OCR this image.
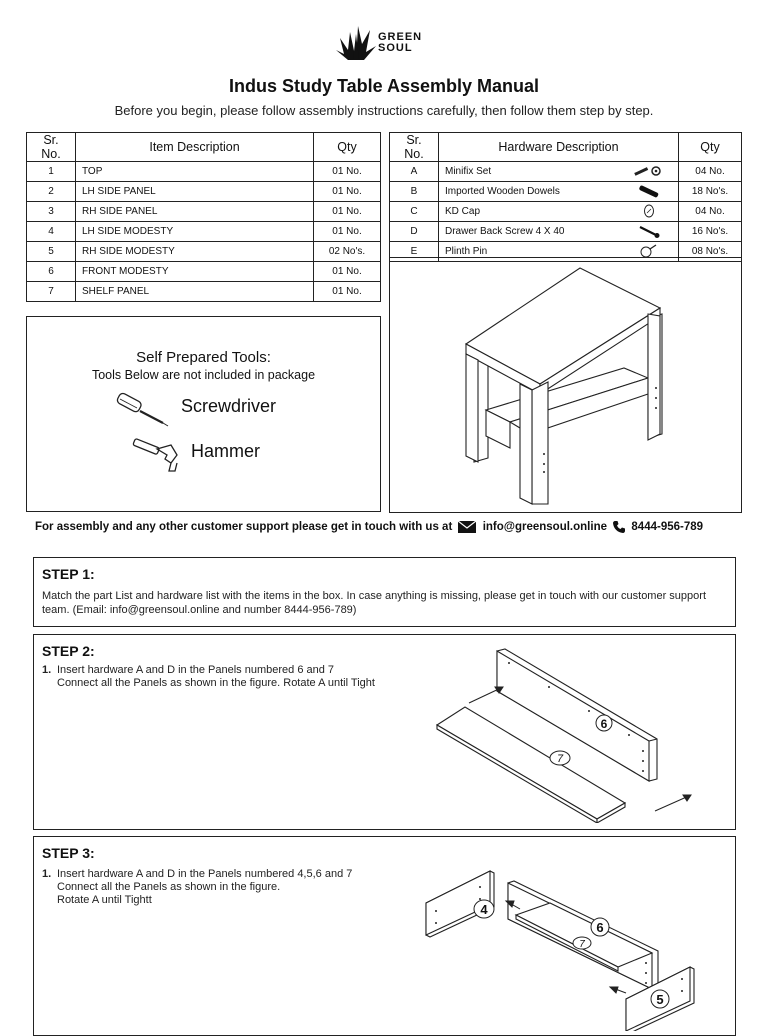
GREEN
SOUL
Indus Study Table Assembly Manual
Before you begin, please follow assembly instructions carefully, then follow them step by step.
Sr. No.	Item Description	Qty
1	TOP	01 No.
2	LH SIDE PANEL	01 No.
3	RH SIDE PANEL	01 No.
4	LH SIDE MODESTY	01 No.
5	RH SIDE MODESTY	02 No's.
6	FRONT MODESTY	01 No.
7	SHELF PANEL	01 No.
Sr. No.	Hardware Description	Qty
A	Minifix Set	04 No.
B	Imported Wooden Dowels	18 No's.
C	KD Cap	04 No.
D	Drawer Back Screw 4 X 40	16 No's.
E	Plinth Pin	08 No's.
Self Prepared Tools:
Tools Below are not included in package
Screwdriver
Hammer
For assembly and any other customer support please get in touch with us at	info@greensoul.online 8444-956-789
STEP 1:
Match the part List and hardware list with the items in the box. In case anything is missing, please get in touch with our customer support team. (Email: info@greensoul.online and number 8444-956-789)
STEP 2:
1. Insert hardware A and D in the Panels numbered 6 and 7
Connect all the Panels as shown in the figure. Rotate A until Tight
6
7
STEP 3:
1. Insert hardware A and D in the Panels numbered 4,5,6 and 7
Connect all the Panels as shown in the figure.
Rotate A until Tightt
4
6
7
5
